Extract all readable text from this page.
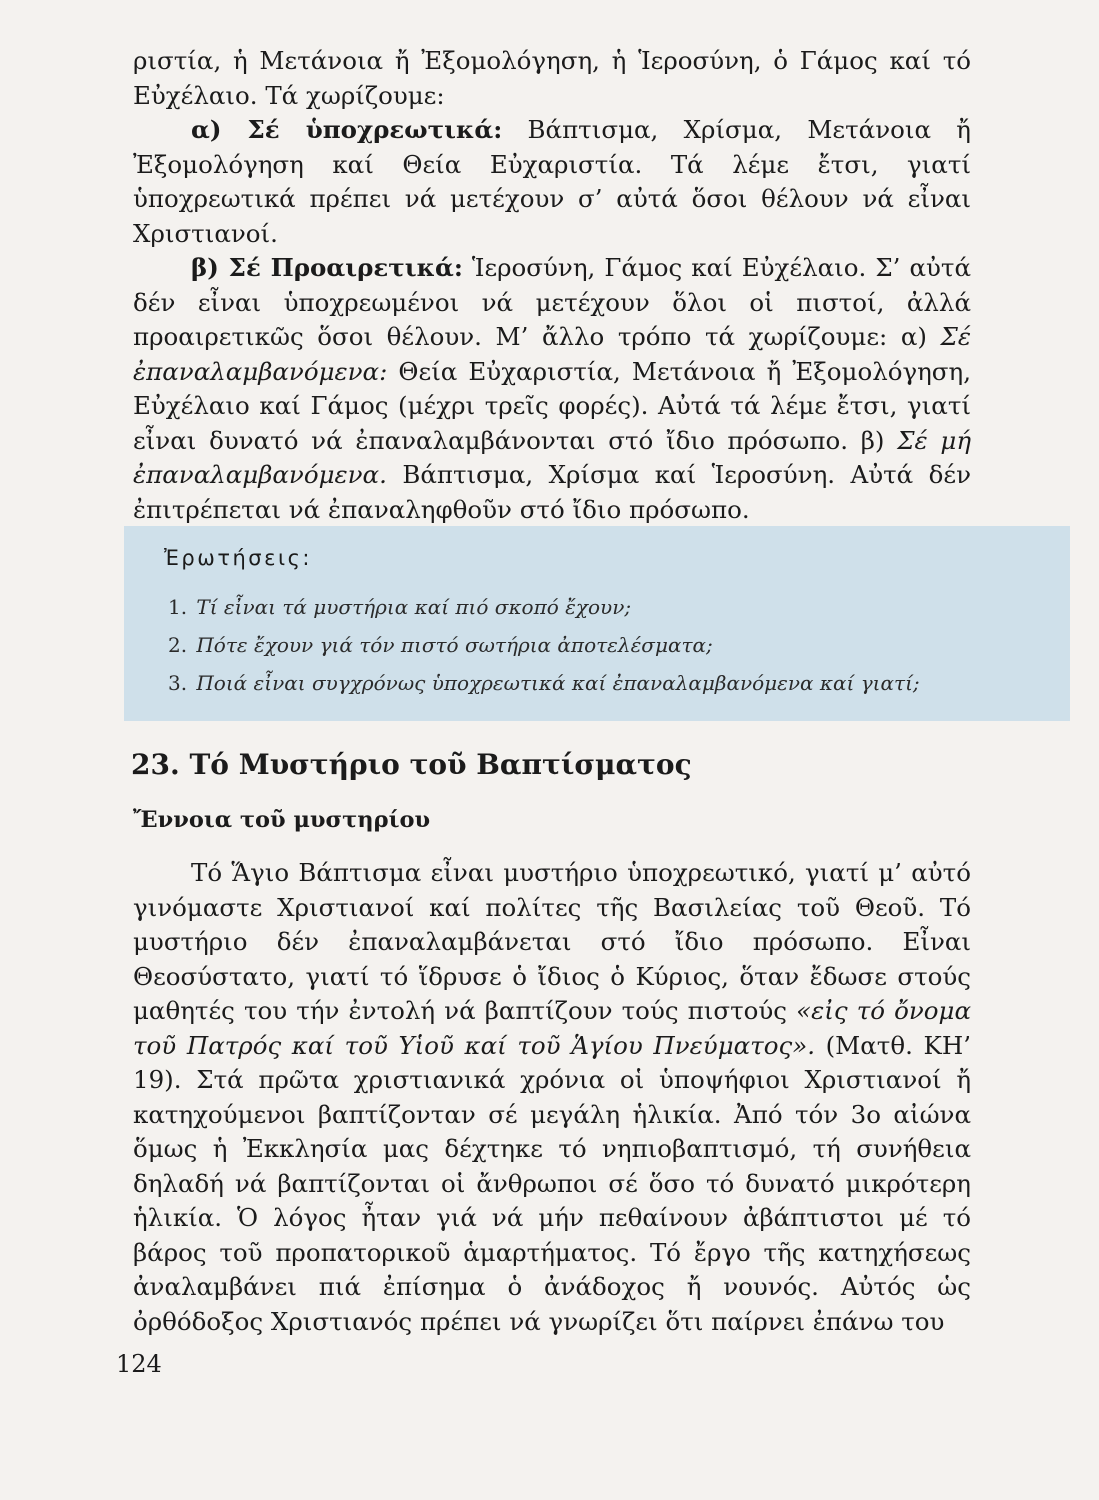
ριστία, ἡ Μετάνοια ἤ Ἐξομολόγηση, ἡ Ἱεροσύνη, ὁ Γάμος καί τό Εὐχέλαιο. Τά χωρίζουμε:

α) Σέ ὑποχρεωτικά: Βάπτισμα, Χρίσμα, Μετάνοια ἤ Ἐξομολόγηση καί Θεία Εὐχαριστία. Τά λέμε ἔτσι, γιατί ὑποχρεωτικά πρέπει νά μετέχουν σ’ αὐτά ὅσοι θέλουν νά εἶναι Χριστιανοί.

β) Σέ Προαιρετικά: Ἱεροσύνη, Γάμος καί Εὐχέλαιο. Σ’ αὐτά δέν εἶναι ὑποχρεωμένοι νά μετέχουν ὅλοι οἱ πιστοί, ἀλλά προαιρετικῶς ὅσοι θέλουν. Μ’ ἄλλο τρόπο τά χωρίζουμε: α) Σέ ἐπαναλαμβανόμενα: Θεία Εὐχαριστία, Μετάνοια ἤ Ἐξομολόγηση, Εὐχέλαιο καί Γάμος (μέχρι τρεῖς φορές). Αὐτά τά λέμε ἔτσι, γιατί εἶναι δυνατό νά ἐπαναλαμβάνονται στό ἴδιο πρόσωπο. β) Σέ μή ἐπαναλαμβανόμενα. Βάπτισμα, Χρίσμα καί Ἱεροσύνη. Αὐτά δέν ἐπιτρέπεται νά ἐπαναληφθοῦν στό ἴδιο πρόσωπο.

Ἐρωτήσεις:
1. Τί εἶναι τά μυστήρια καί πιό σκοπό ἔχουν;
2. Πότε ἔχουν γιά τόν πιστό σωτήρια ἀποτελέσματα;
3. Ποιά εἶναι συγχρόνως ὑποχρεωτικά καί ἐπαναλαμβανόμενα καί γιατί;
23. Τό Μυστήριο τοῦ Βαπτίσματος
Ἔννοια τοῦ μυστηρίου

Τό Ἅγιο Βάπτισμα εἶναι μυστήριο ὑποχρεωτικό, γιατί μ’ αὐτό γινόμαστε Χριστιανοί καί πολίτες τῆς Βασιλείας τοῦ Θεοῦ. Τό μυστήριο δέν ἐπαναλαμβάνεται στό ἴδιο πρόσωπο. Εἶναι Θεοσύστατο, γιατί τό ἵδρυσε ὁ ἴδιος ὁ Κύριος, ὅταν ἔδωσε στούς μαθητές του τήν ἐντολή νά βαπτίζουν τούς πιστούς «εἰς τό ὄνομα τοῦ Πατρός καί τοῦ Υἱοῦ καί τοῦ Ἁγίου Πνεύματος». (Ματθ. ΚΗ’ 19). Στά πρῶτα χριστιανικά χρόνια οἱ ὑποψήφιοι Χριστιανοί ἤ κατηχούμενοι βαπτίζονταν σέ μεγάλη ἡλικία. Ἀπό τόν 3ο αἰώνα ὅμως ἡ Ἐκκλησία μας δέχτηκε τό νηπιοβαπτισμό, τή συνήθεια δηλαδή νά βαπτίζονται οἱ ἄνθρωποι σέ ὅσο τό δυνατό μικρότερη ἡλικία. Ὁ λόγος ἦταν γιά νά μήν πεθαίνουν ἀβάπτιστοι μέ τό βάρος τοῦ προπατορικοῦ ἁμαρτήματος. Τό ἔργο τῆς κατηχήσεως ἀναλαμβάνει πιά ἐπίσημα ὁ ἀνάδοχος ἤ νουνός. Αὐτός ὡς ὀρθόδοξος Χριστιανός πρέπει νά γνωρίζει ὅτι παίρνει ἐπάνω του

124
